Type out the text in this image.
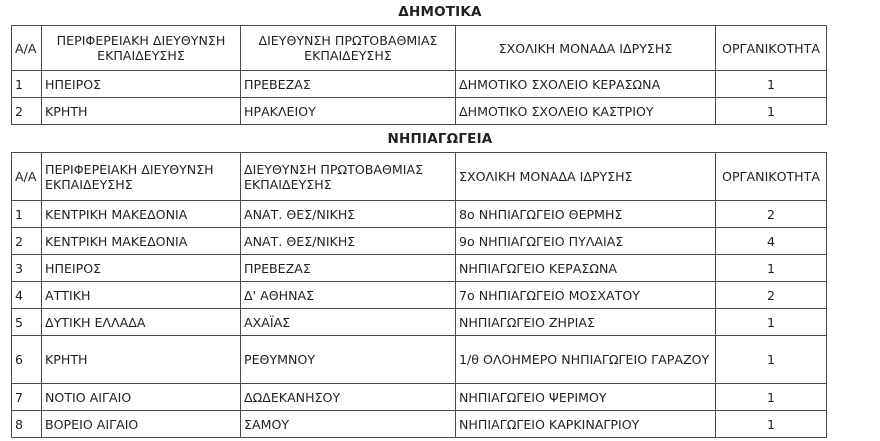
ΔΗΜΟΤΙΚΑ
Α/Α	ΠΕΡΙΦΕΡΕΙΑΚΗ ΔΙΕΥΘΥΝΣΗ ΕΚΠΑΙΔΕΥΣΗΣ	ΔΙΕΥΘΥΝΣΗ ΠΡΩΤΟΒΑΘΜΙΑΣ ΕΚΠΑΙΔΕΥΣΗΣ	ΣΧΟΛΙΚΗ ΜΟΝΑΔΑ ΙΔΡΥΣΗΣ	ΟΡΓΑΝΙΚΟΤΗΤΑ
1	ΗΠΕΙΡΟΣ	ΠΡΕΒΕΖΑΣ	ΔΗΜΟΤΙΚΟ ΣΧΟΛΕΙΟ ΚΕΡΑΣΩΝΑ	1
2	ΚΡΗΤΗ	ΗΡΑΚΛΕΙΟΥ	ΔΗΜΟΤΙΚΟ ΣΧΟΛΕΙΟ ΚΑΣΤΡΙΟΥ	1
ΝΗΠΙΑΓΩΓΕΙΑ
Α/Α	ΠΕΡΙΦΕΡΕΙΑΚΗ ΔΙΕΥΘΥΝΣΗ ΕΚΠΑΙΔΕΥΣΗΣ	ΔΙΕΥΘΥΝΣΗ ΠΡΩΤΟΒΑΘΜΙΑΣ ΕΚΠΑΙΔΕΥΣΗΣ	ΣΧΟΛΙΚΗ ΜΟΝΑΔΑ ΙΔΡΥΣΗΣ	ΟΡΓΑΝΙΚΟΤΗΤΑ
1	ΚΕΝΤΡΙΚΗ ΜΑΚΕΔΟΝΙΑ	ΑΝΑΤ. ΘΕΣ/ΝΙΚΗΣ	8ο ΝΗΠΙΑΓΩΓΕΙΟ ΘΕΡΜΗΣ	2
2	ΚΕΝΤΡΙΚΗ ΜΑΚΕΔΟΝΙΑ	ΑΝΑΤ. ΘΕΣ/ΝΙΚΗΣ	9ο ΝΗΠΙΑΓΩΓΕΙΟ ΠΥΛΑΙΑΣ	4
3	ΗΠΕΙΡΟΣ	ΠΡΕΒΕΖΑΣ	ΝΗΠΙΑΓΩΓΕΙΟ ΚΕΡΑΣΩΝΑ	1
4	ΑΤΤΙΚΗ	Δ' ΑΘΗΝΑΣ	7ο ΝΗΠΙΑΓΩΓΕΙΟ ΜΟΣΧΑΤΟΥ	2
5	ΔΥΤΙΚΗ ΕΛΛΑΔΑ	ΑΧΑΪΑΣ	ΝΗΠΙΑΓΩΓΕΙΟ ΖΗΡΙΑΣ	1
6	ΚΡΗΤΗ	ΡΕΘΥΜΝΟΥ	1/θ ΟΛΟΗΜΕΡΟ ΝΗΠΙΑΓΩΓΕΙΟ ΓΑΡΑΖΟΥ	1
7	ΝΟΤΙΟ ΑΙΓΑΙΟ	ΔΩΔΕΚΑΝΗΣΟΥ	ΝΗΠΙΑΓΩΓΕΙΟ ΨΕΡΙΜΟΥ	1
8	ΒΟΡΕΙΟ ΑΙΓΑΙΟ	ΣΑΜΟΥ	ΝΗΠΙΑΓΩΓΕΙΟ ΚΑΡΚΙΝΑΓΡΙΟΥ	1
